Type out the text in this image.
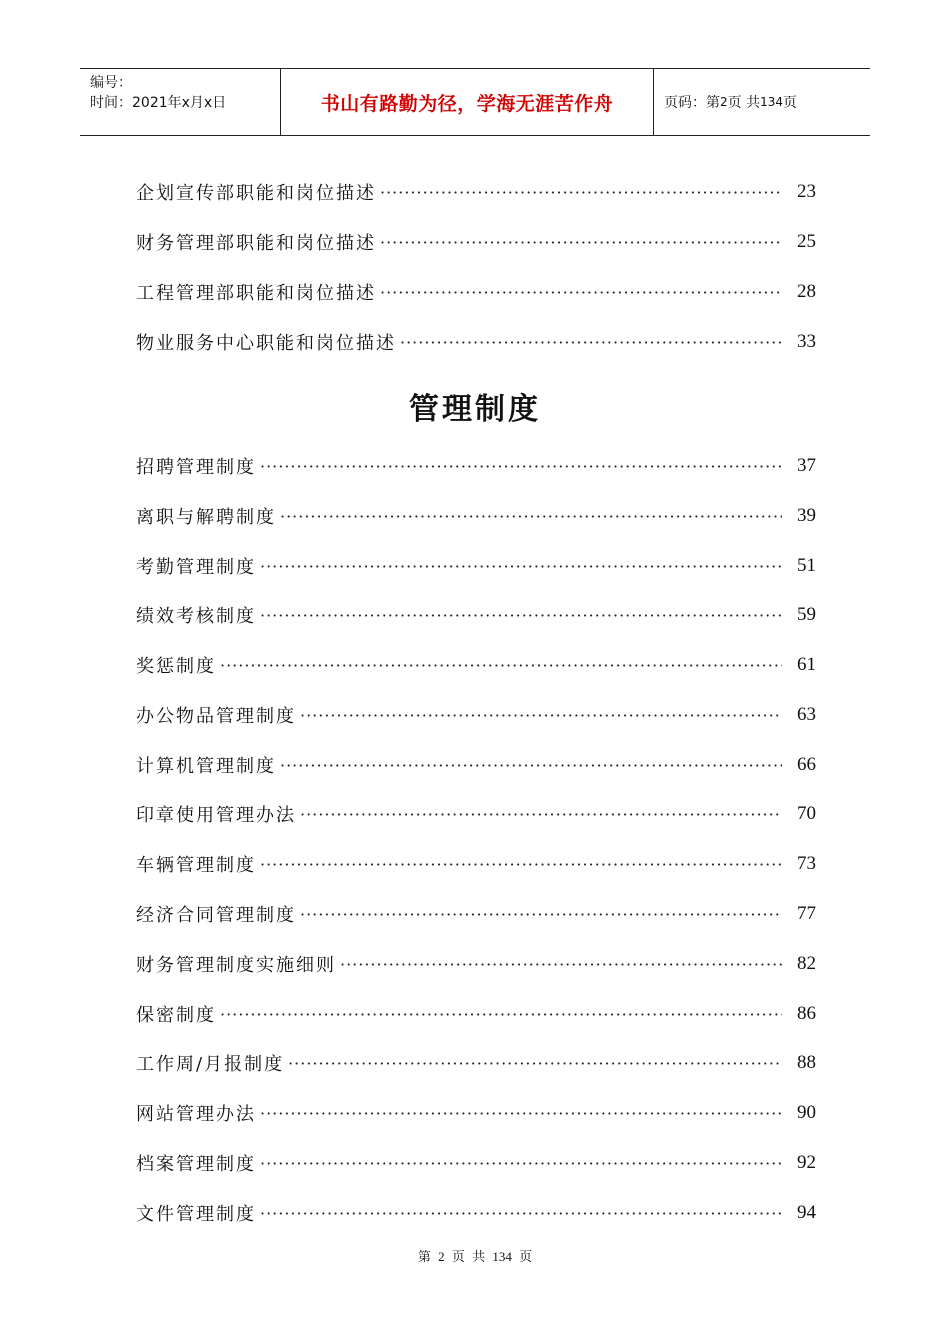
编号：
时间：2021年x月x日	书山有路勤为径，学海无涯苦作舟	页码：第 2 页 共 134 页
企划宣传部职能和岗位描述 ·····	23
财务管理部职能和岗位描述 ·····	25
工程管理部职能和岗位描述 ·····	28
物业服务中心职能和岗位描述 ·····	33
管理制度
招聘管理制度 ·····	37
离职与解聘制度 ·····	39
考勤管理制度 ·····	51
绩效考核制度 ·····	59
奖惩制度 ·····	61
办公物品管理制度 ·····	63
计算机管理制度 ·····	66
印章使用管理办法 ·····	70
车辆管理制度 ·····	73
经济合同管理制度 ·····	77
财务管理制度实施细则 ·····	82
保密制度 ·····	86
工作周/月报制度 ·····	88
网站管理办法 ·····	90
档案管理制度 ·····	92
文件管理制度 ·····	94
第 2 页 共 134 页
